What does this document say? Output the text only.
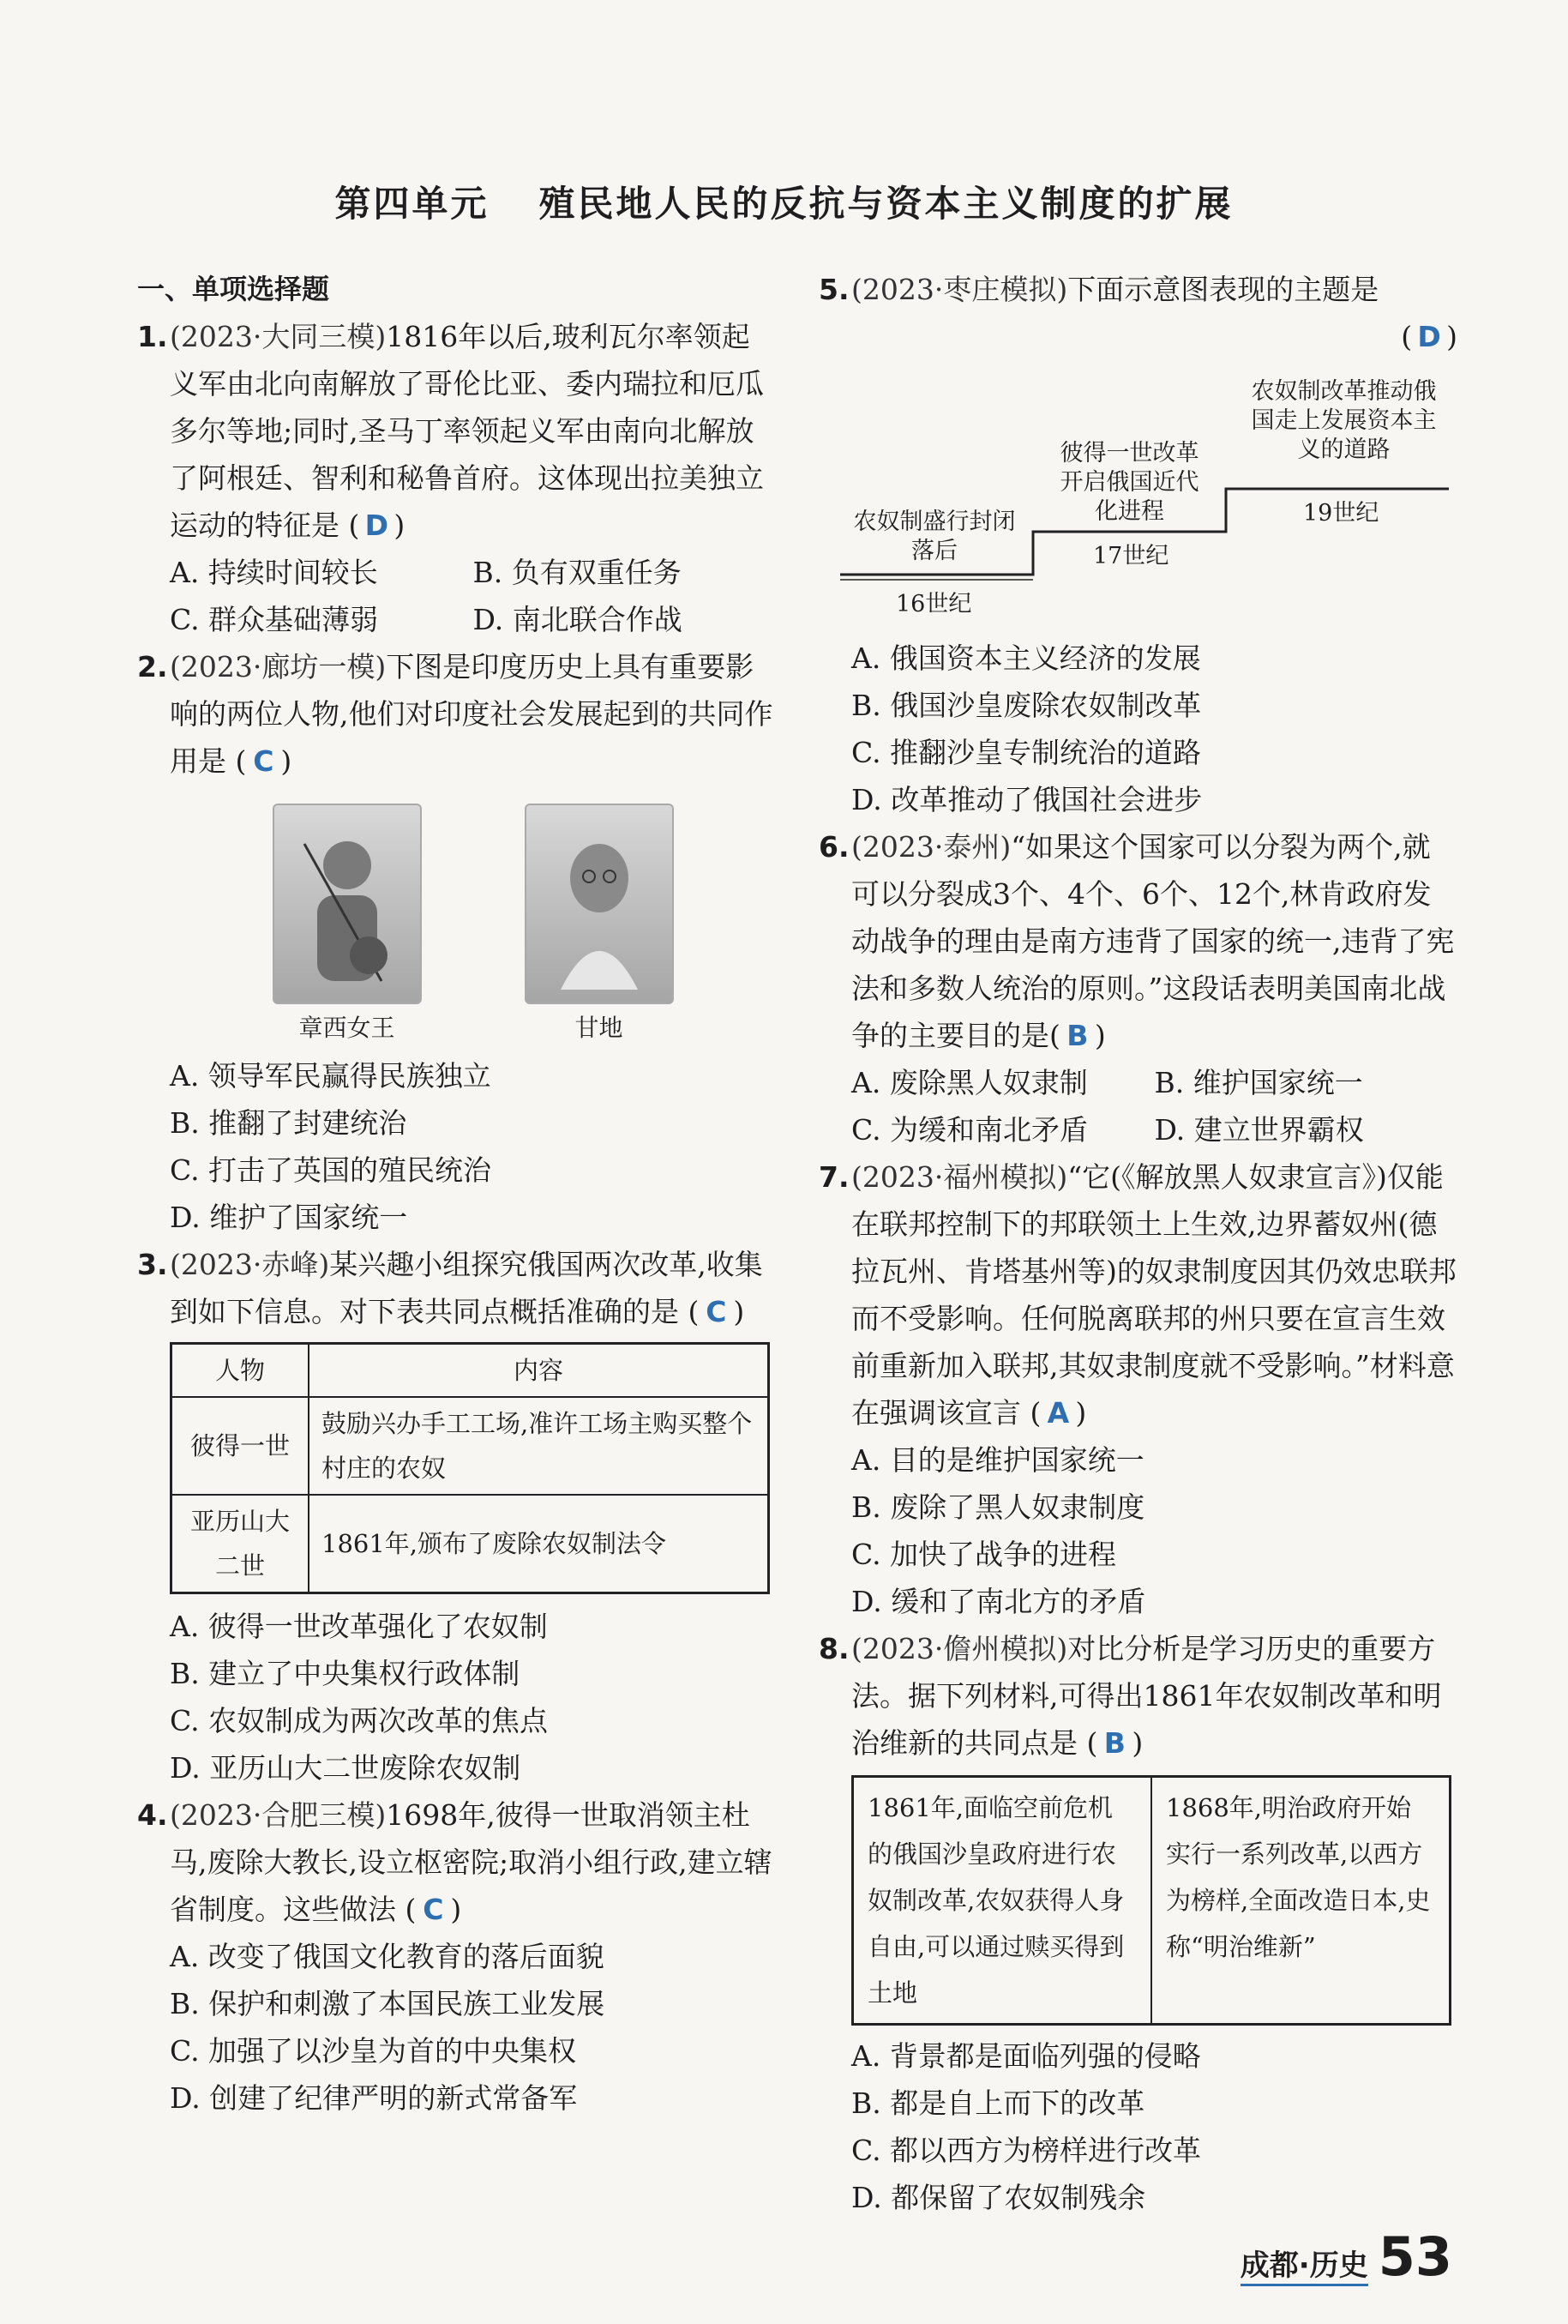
第四单元 殖民地人民的反抗与资本主义制度的扩展
一、单项选择题
1. (2023·大同三模)1816年以后,玻利瓦尔率领起义军由北向南解放了哥伦比亚、委内瑞拉和厄瓜多尔等地;同时,圣马丁率领起义军由南向北解放了阿根廷、智利和秘鲁首府。这体现出拉美独立运动的特征是 ( D )
A. 持续时间较长	B. 负有双重任务
C. 群众基础薄弱	D. 南北联合作战
2. (2023·廊坊一模)下图是印度历史上具有重要影响的两位人物,他们对印度社会发展起到的共同作用是 ( C )
章西女王	甘地
A. 领导军民赢得民族独立
B. 推翻了封建统治
C. 打击了英国的殖民统治
D. 维护了国家统一
3. (2023·赤峰)某兴趣小组探究俄国两次改革,收集到如下信息。对下表共同点概括准确的是 ( C )
人物	内容
彼得一世	鼓励兴办手工工场,准许工场主购买整个村庄的农奴
亚历山大二世	1861年,颁布了废除农奴制法令
A. 彼得一世改革强化了农奴制
B. 建立了中央集权行政体制
C. 农奴制成为两次改革的焦点
D. 亚历山大二世废除农奴制
4. (2023·合肥三模)1698年,彼得一世取消领主杜马,废除大教长,设立枢密院;取消小组行政,建立辖省制度。这些做法 ( C )
A. 改变了俄国文化教育的落后面貌
B. 保护和刺激了本国民族工业发展
C. 加强了以沙皇为首的中央集权
D. 创建了纪律严明的新式常备军
5. (2023·枣庄模拟)下面示意图表现的主题是
( D )
农奴制盛行封闭落后
16世纪
彼得一世改革开启俄国近代化进程
17世纪
农奴制改革推动俄国走上发展资本主义的道路
19世纪
A. 俄国资本主义经济的发展
B. 俄国沙皇废除农奴制改革
C. 推翻沙皇专制统治的道路
D. 改革推动了俄国社会进步
6. (2023·泰州)“如果这个国家可以分裂为两个,就可以分裂成3个、4个、6个、12个,林肯政府发动战争的理由是南方违背了国家的统一,违背了宪法和多数人统治的原则。”这段话表明美国南北战争的主要目的是( B )
A. 废除黑人奴隶制	B. 维护国家统一
C. 为缓和南北矛盾	D. 建立世界霸权
7. (2023·福州模拟)“它(《解放黑人奴隶宣言》)仅能在联邦控制下的邦联领土上生效,边界蓄奴州(德拉瓦州、肯塔基州等)的奴隶制度因其仍效忠联邦而不受影响。任何脱离联邦的州只要在宣言生效前重新加入联邦,其奴隶制度就不受影响。”材料意在强调该宣言 ( A )
A. 目的是维护国家统一
B. 废除了黑人奴隶制度
C. 加快了战争的进程
D. 缓和了南北方的矛盾
8. (2023·儋州模拟)对比分析是学习历史的重要方法。据下列材料,可得出1861年农奴制改革和明治维新的共同点是 ( B )
1861年,面临空前危机的俄国沙皇政府进行农奴制改革,农奴获得人身自由,可以通过赎买得到土地	1868年,明治政府开始实行一系列改革,以西方为榜样,全面改造日本,史称“明治维新”
A. 背景都是面临列强的侵略
B. 都是自上而下的改革
C. 都以西方为榜样进行改革
D. 都保留了农奴制残余
成都·历史 53
